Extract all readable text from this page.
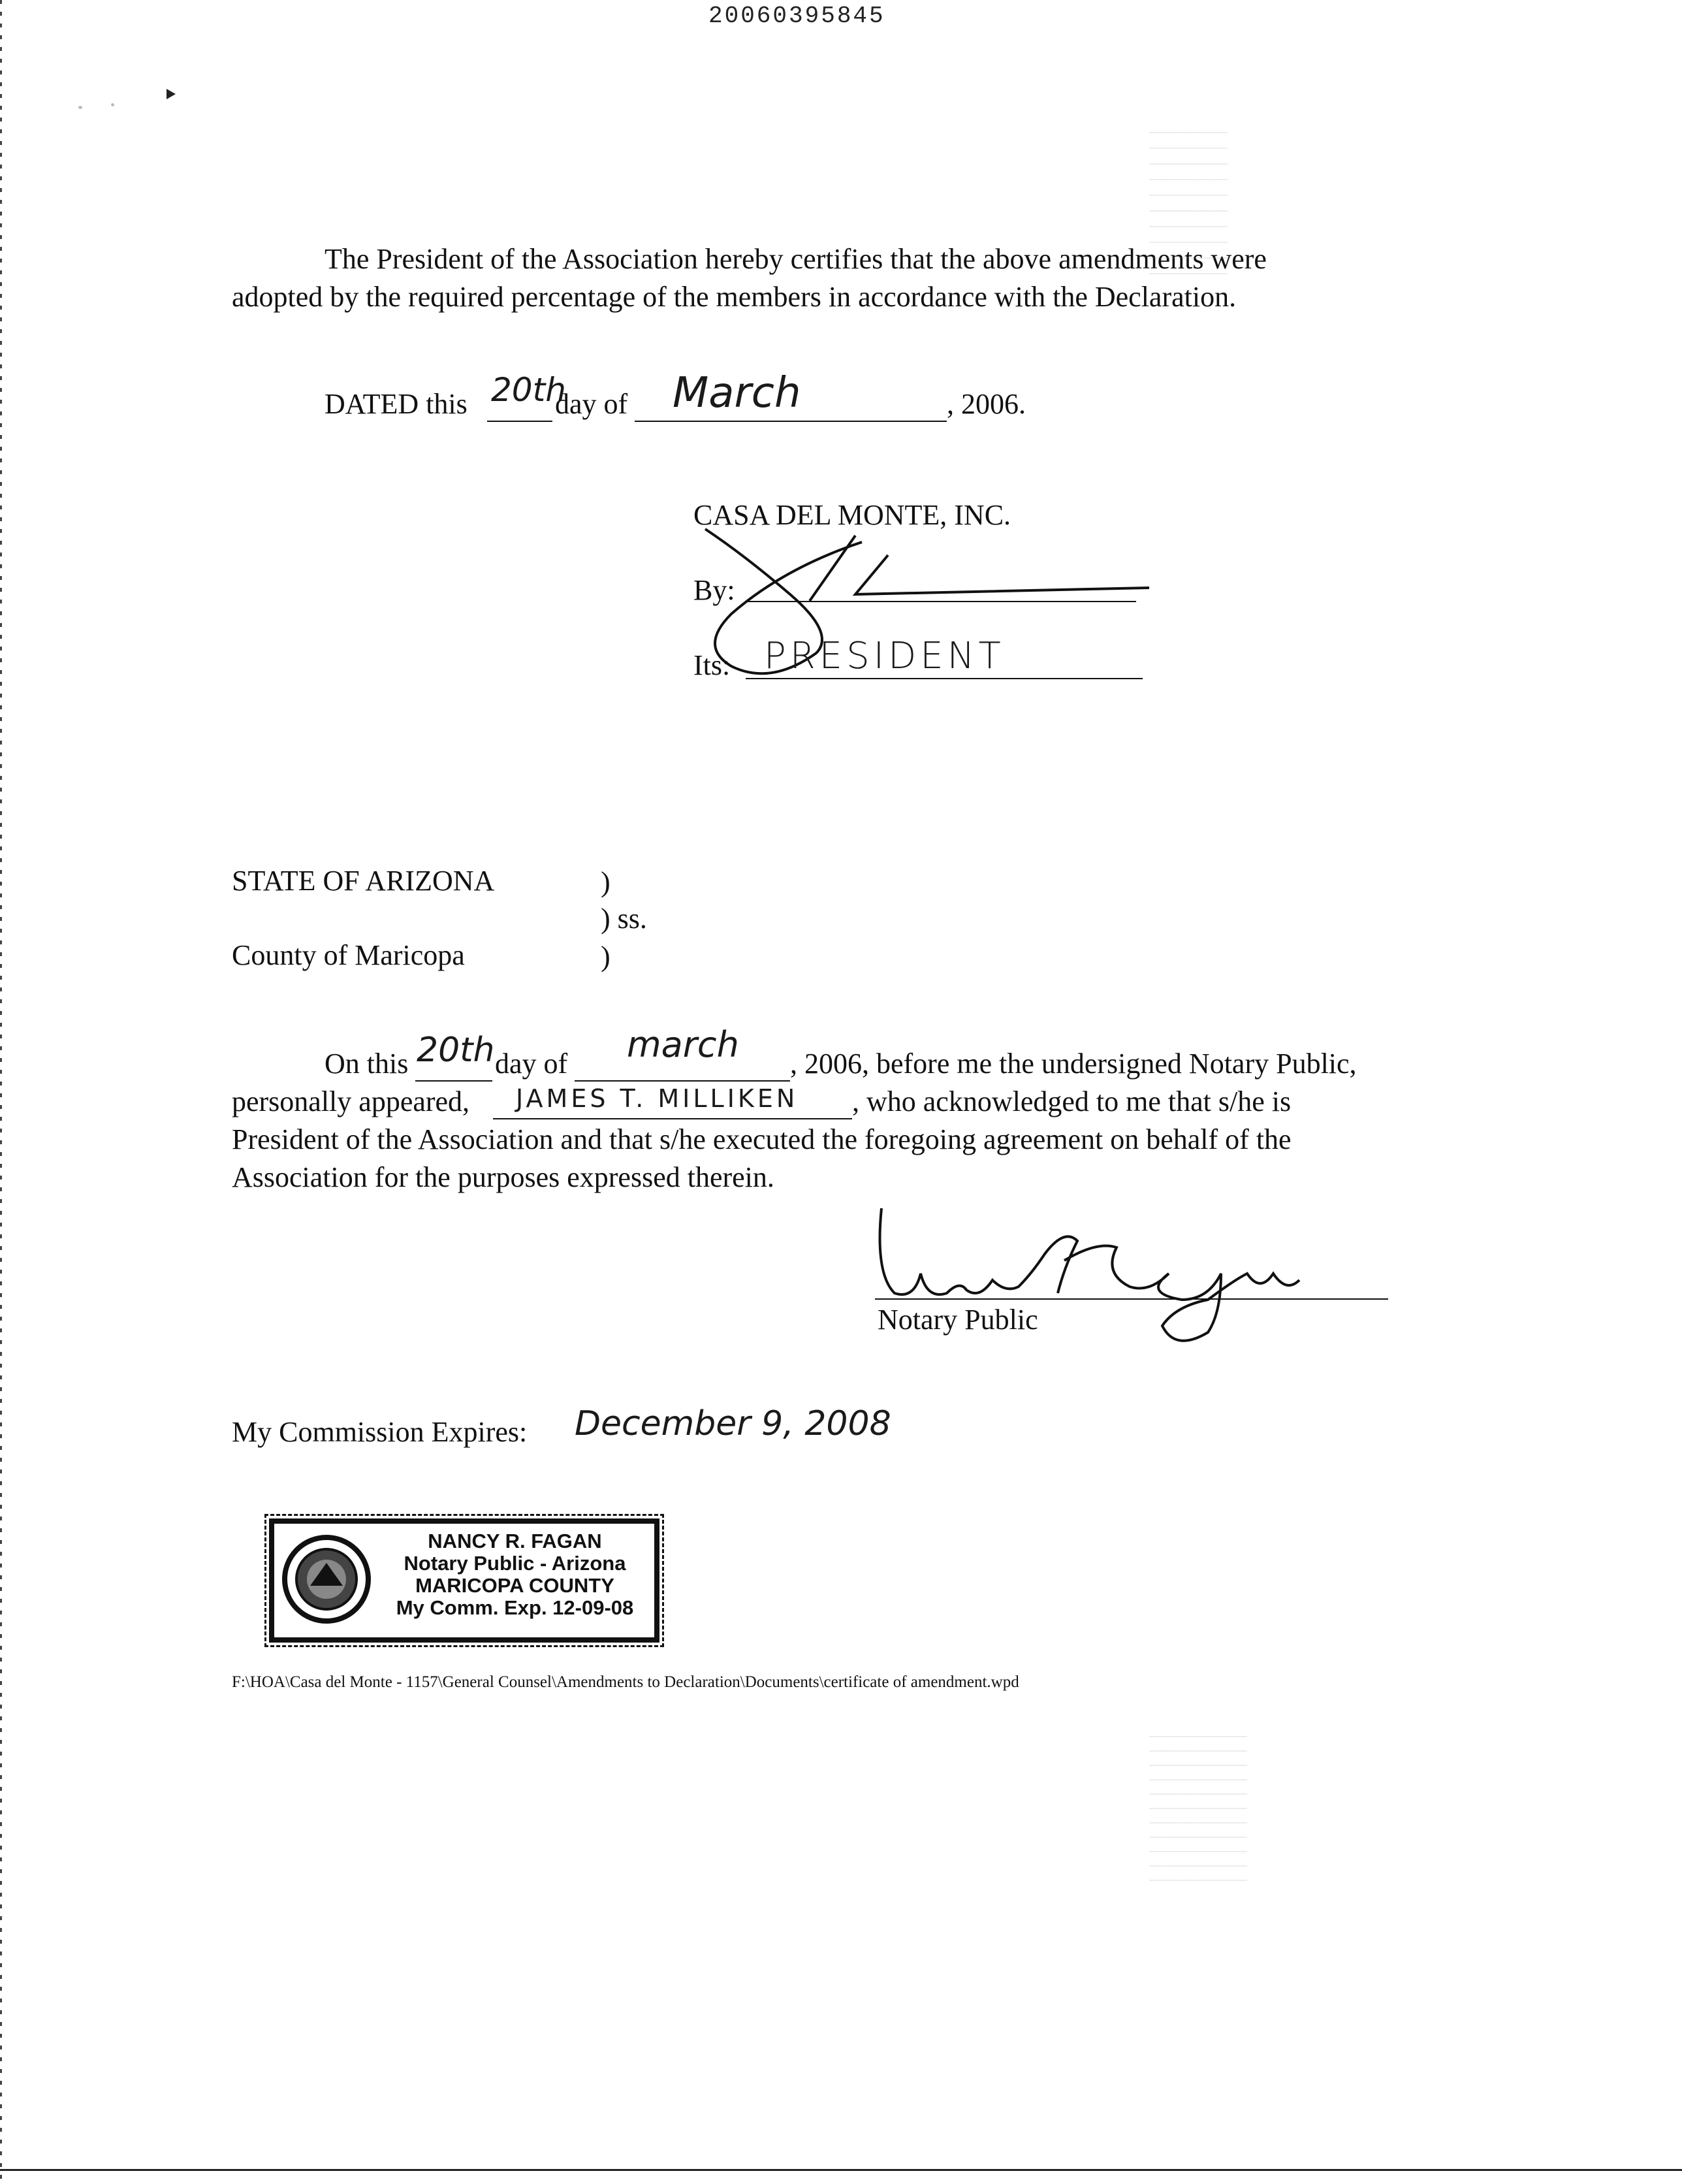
20060395845
The President of the Association hereby certifies that the above amendments were
adopted by the required percentage of the members in accordance with the Declaration.
DATED this 20th
day of March	, 2006.
CASA DEL MONTE, INC.
By:
Its: PRESIDENT
STATE OF ARIZONA	)
) ss.
County of Maricopa	)
On this 20th day of march , 2006, before me the undersigned Notary Public,
personally appeared, JAMES T. MILLIKEN , who acknowledged to me that s/he is
President of the Association and that s/he executed the foregoing agreement on behalf of the
Association for the purposes expressed therein.
Notary Public
My Commission Expires: December 9, 2008
NANCY R. FAGAN
Notary Public - Arizona
MARICOPA COUNTY
My Comm. Exp. 12-09-08
F:\HOA\Casa del Monte - 1157\General Counsel\Amendments to Declaration\Documents\certificate of amendment.wpd
